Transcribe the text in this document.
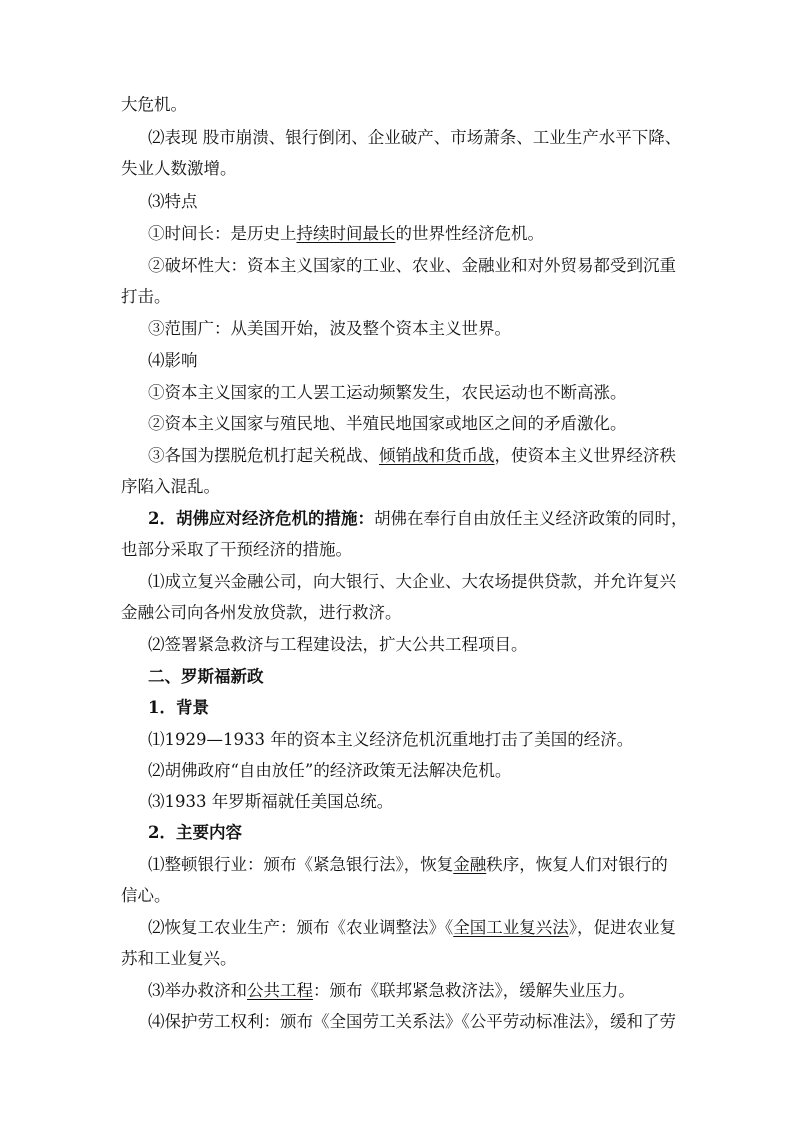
大危机。
⑵表现 股市崩溃、银行倒闭、企业破产、市场萧条、工业生产水平下降、
失业人数激增。
⑶特点
①时间长：是历史上持续时间最长的世界性经济危机。
②破坏性大：资本主义国家的工业、农业、金融业和对外贸易都受到沉重
打击。
③范围广：从美国开始，波及整个资本主义世界。
⑷影响
①资本主义国家的工人罢工运动频繁发生，农民运动也不断高涨。
②资本主义国家与殖民地、半殖民地国家或地区之间的矛盾激化。
③各国为摆脱危机打起关税战、倾销战和货币战，使资本主义世界经济秩
序陷入混乱。
2．胡佛应对经济危机的措施：胡佛在奉行自由放任主义经济政策的同时，
也部分采取了干预经济的措施。
⑴成立复兴金融公司，向大银行、大企业、大农场提供贷款，并允许复兴
金融公司向各州发放贷款，进行救济。
⑵签署紧急救济与工程建设法，扩大公共工程项目。
二、罗斯福新政
1．背景
⑴1929—1933 年的资本主义经济危机沉重地打击了美国的经济。
⑵胡佛政府“自由放任”的经济政策无法解决危机。
⑶1933 年罗斯福就任美国总统。
2．主要内容
⑴整顿银行业：颁布《紧急银行法》，恢复金融秩序，恢复人们对银行的
信心。
⑵恢复工农业生产：颁布《农业调整法》《全国工业复兴法》，促进农业复
苏和工业复兴。
⑶举办救济和公共工程：颁布《联邦紧急救济法》，缓解失业压力。
⑷保护劳工权利：颁布《全国劳工关系法》《公平劳动标准法》，缓和了劳
